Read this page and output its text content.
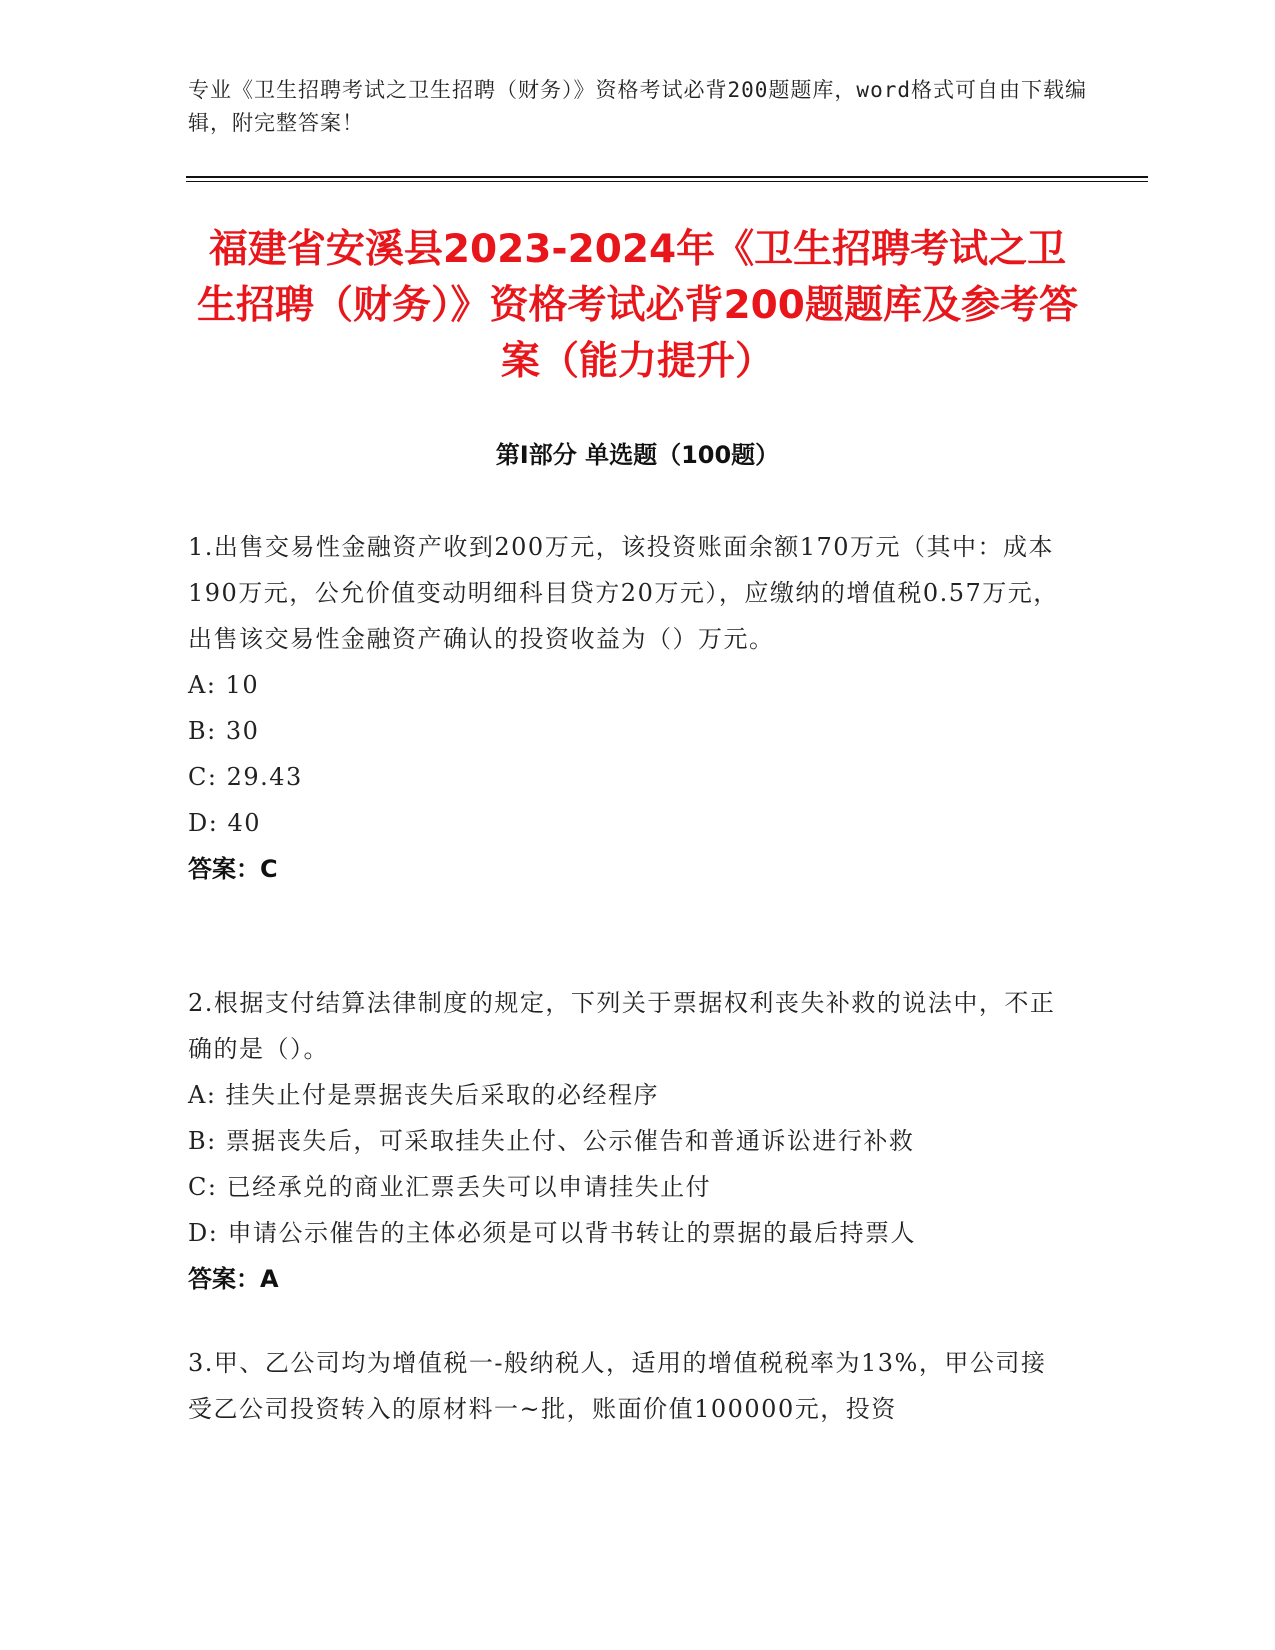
专业《卫生招聘考试之卫生招聘（财务）》资格考试必背200题题库，word格式可自由下载编辑，附完整答案！
福建省安溪县2023-2024年《卫生招聘考试之卫生招聘（财务）》资格考试必背200题题库及参考答案（能力提升）
第Ⅰ部分 单选题（100题）

1.出售交易性金融资产收到200万元，该投资账面余额170万元（其中：成本190万元，公允价值变动明细科目贷方20万元），应缴纳的增值税0.57万元，出售该交易性金融资产确认的投资收益为（）万元。

A: 10

B: 30

C: 29.43

D: 40

答案：C

2.根据支付结算法律制度的规定，下列关于票据权利丧失补救的说法中，不正确的是（）。

A: 挂失止付是票据丧失后采取的必经程序

B: 票据丧失后，可采取挂失止付、公示催告和普通诉讼进行补救

C: 已经承兑的商业汇票丢失可以申请挂失止付

D: 申请公示催告的主体必须是可以背书转让的票据的最后持票人

答案：A

3.甲、乙公司均为增值税一-般纳税人，适用的增值税税率为13%，甲公司接受乙公司投资转入的原材料一~批，账面价值100000元，投资
